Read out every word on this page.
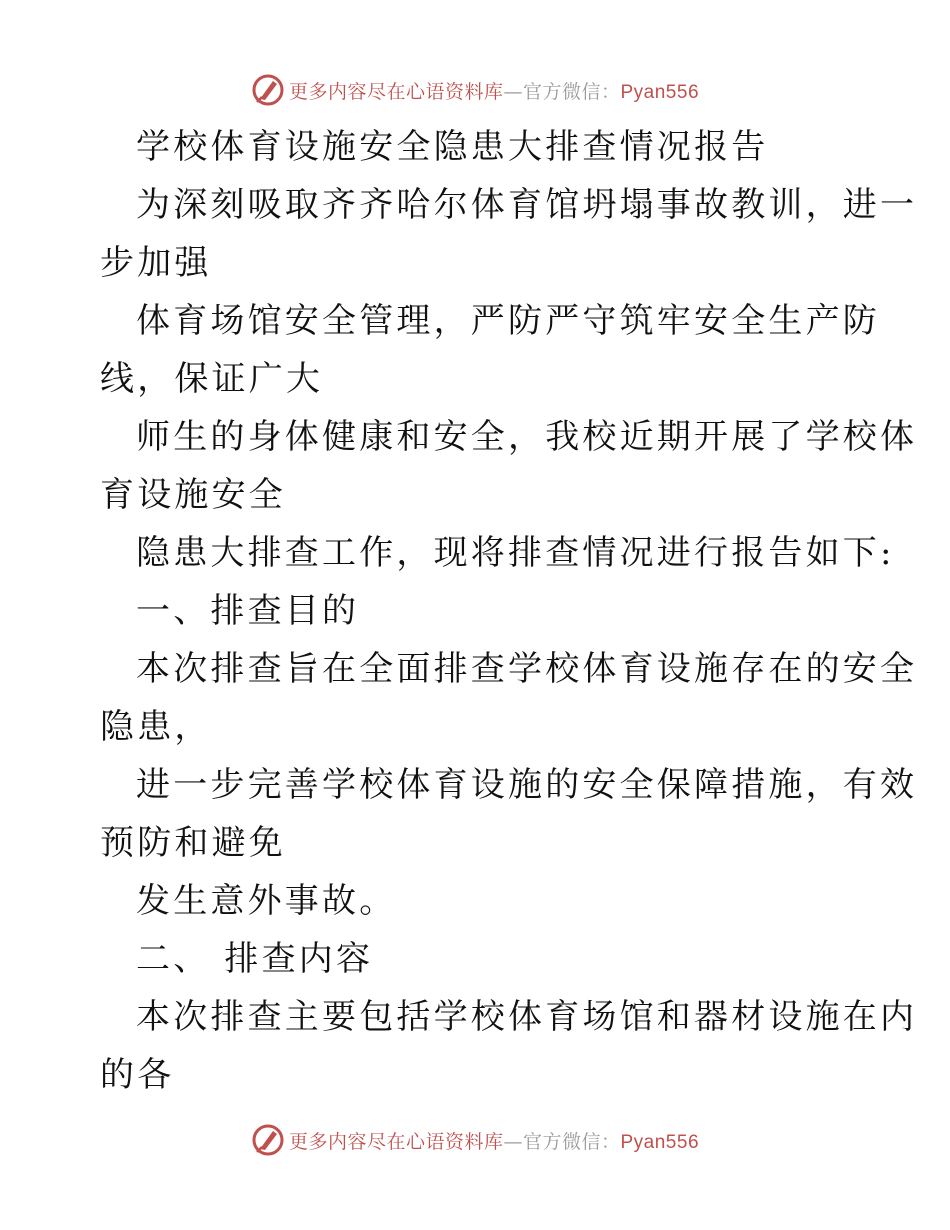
更多内容尽在心语资料库—官方微信：Pyan556
学校体育设施安全隐患大排查情况报告
为深刻吸取齐齐哈尔体育馆坍塌事故教训，进一
步加强
体育场馆安全管理，严防严守筑牢安全生产防
线，保证广大
师生的身体健康和安全，我校近期开展了学校体
育设施安全
隐患大排查工作，现将排查情况进行报告如下:
一、排查目的
本次排查旨在全面排查学校体育设施存在的安全
隐患，
进一步完善学校体育设施的安全保障措施，有效
预防和避免
发生意外事故。
二、 排查内容
本次排查主要包括学校体育场馆和器材设施在内
的各
更多内容尽在心语资料库—官方微信：Pyan556
